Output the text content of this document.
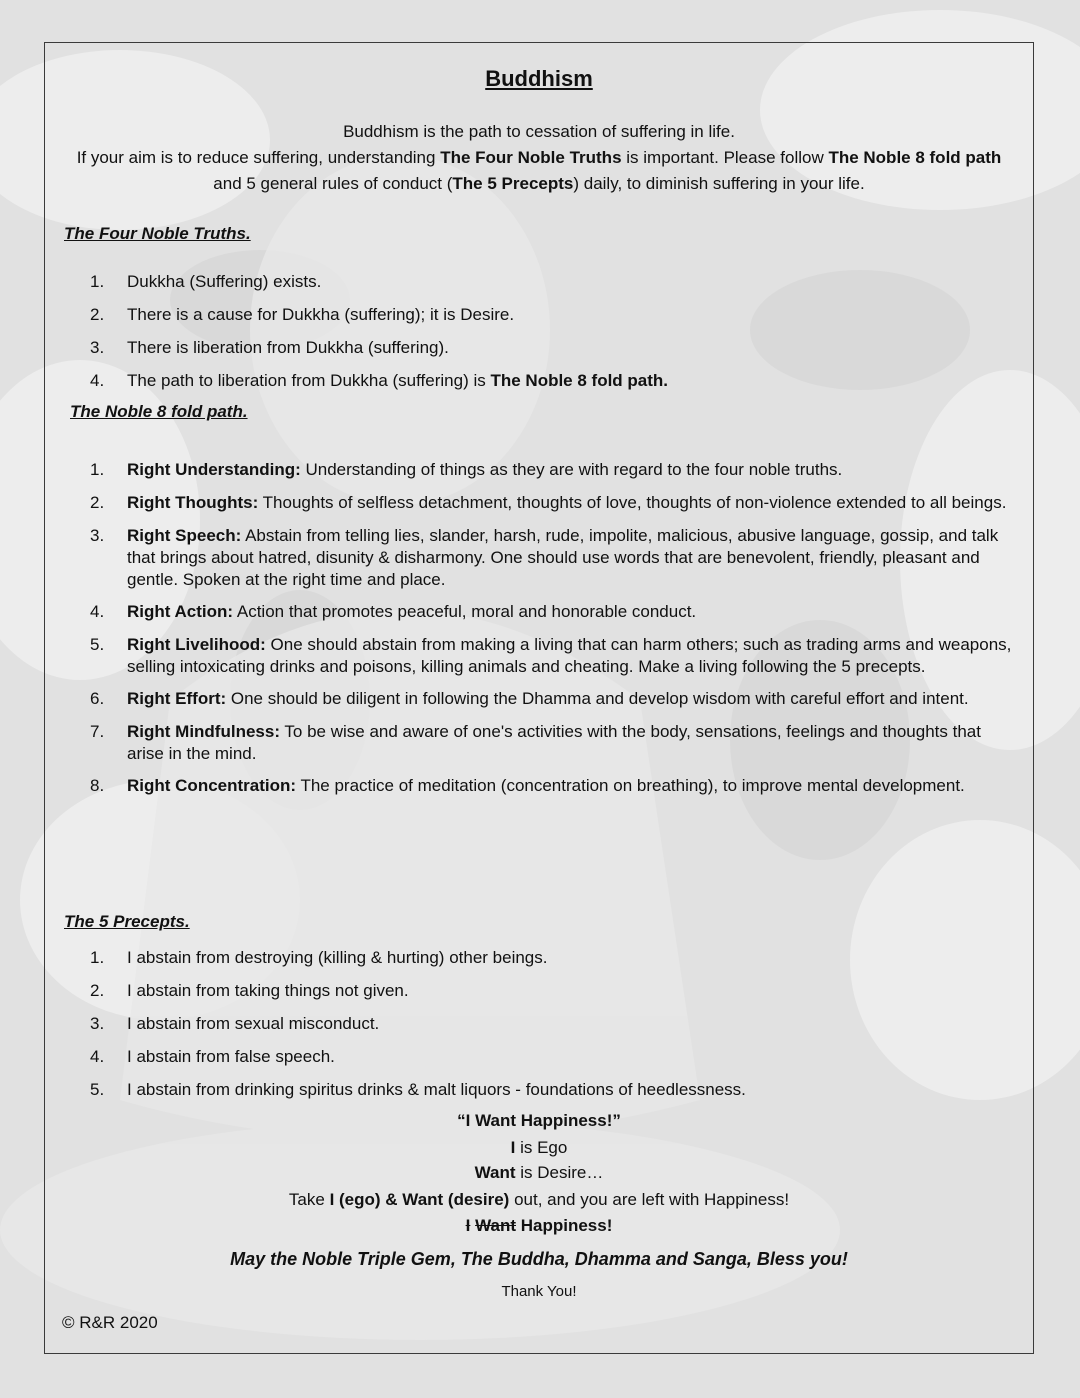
Buddhism
Buddhism is the path to cessation of suffering in life.
If your aim is to reduce suffering, understanding The Four Noble Truths is important. Please follow The Noble 8 fold path and 5 general rules of conduct (The 5 Precepts) daily, to diminish suffering in your life.
The Four Noble Truths.
1. Dukkha (Suffering) exists.
2. There is a cause for Dukkha (suffering); it is Desire.
3. There is liberation from Dukkha (suffering).
4. The path to liberation from Dukkha (suffering) is The Noble 8 fold path.
The Noble 8 fold path.
1. Right Understanding: Understanding of things as they are with regard to the four noble truths.
2. Right Thoughts: Thoughts of selfless detachment, thoughts of love, thoughts of non-violence extended to all beings.
3. Right Speech: Abstain from telling lies, slander, harsh, rude, impolite, malicious, abusive language, gossip, and talk that brings about hatred, disunity & disharmony. One should use words that are benevolent, friendly, pleasant and gentle. Spoken at the right time and place.
4. Right Action: Action that promotes peaceful, moral and honorable conduct.
5. Right Livelihood: One should abstain from making a living that can harm others; such as trading arms and weapons, selling intoxicating drinks and poisons, killing animals and cheating. Make a living following the 5 precepts.
6. Right Effort: One should be diligent in following the Dhamma and develop wisdom with careful effort and intent.
7. Right Mindfulness: To be wise and aware of one's activities with the body, sensations, feelings and thoughts that arise in the mind.
8. Right Concentration: The practice of meditation (concentration on breathing), to improve mental development.
The 5 Precepts.
1. I abstain from destroying (killing & hurting) other beings.
2. I abstain from taking things not given.
3. I abstain from sexual misconduct.
4. I abstain from false speech.
5. I abstain from drinking spiritus drinks & malt liquors - foundations of heedlessness.
“I Want Happiness!”
I is Ego
Want is Desire…
Take I (ego) & Want (desire) out, and you are left with Happiness!
I Want Happiness!
May the Noble Triple Gem, The Buddha, Dhamma and Sanga, Bless you!
Thank You!
© R&R 2020
